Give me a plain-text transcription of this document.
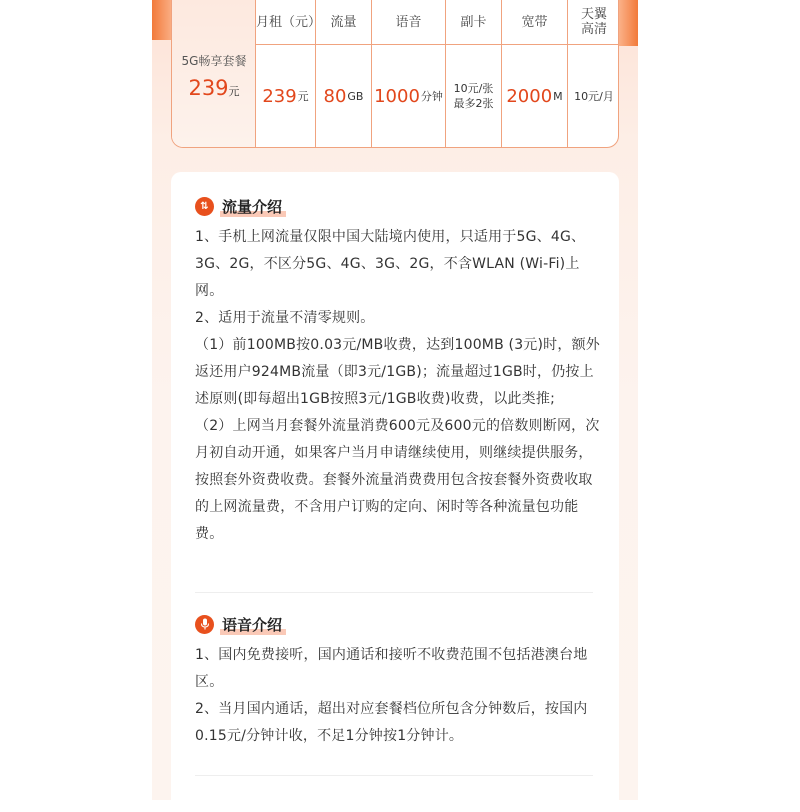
5G畅享套餐
239元
月租（元）
239 元
流量
80 GB
语音
1000 分钟
副卡
10元/张
最多2张
宽带
2000 M
天翼
高清
10元/月
⇅ 流量介绍

1、手机上网流量仅限中国大陆境内使用，只适用于5G、4G、3G、2G，不区分5G、4G、3G、2G，不含WLAN (Wi-Fi)上网。

2、适用于流量不清零规则。

（1）前100MB按0.03元/MB收费，达到100MB (3元)时，额外返还用户924MB流量（即3元/1GB)；流量超过1GB时，仍按上述原则(即每超出1GB按照3元/1GB收费)收费，以此类推;

（2）上网当月套餐外流量消费600元及600元的倍数则断网，次月初自动开通，如果客户当月申请继续使用，则继续提供服务，按照套外资费收费。套餐外流量消费费用包含按套餐外资费收取的上网流量费，不含用户订购的定向、闲时等各种流量包功能费。

语音介绍

1、国内免费接听，国内通话和接听不收费范围不包括港澳台地区。

2、当月国内通话，超出对应套餐档位所包含分钟数后，按国内0.15元/分钟计收，不足1分钟按1分钟计。
